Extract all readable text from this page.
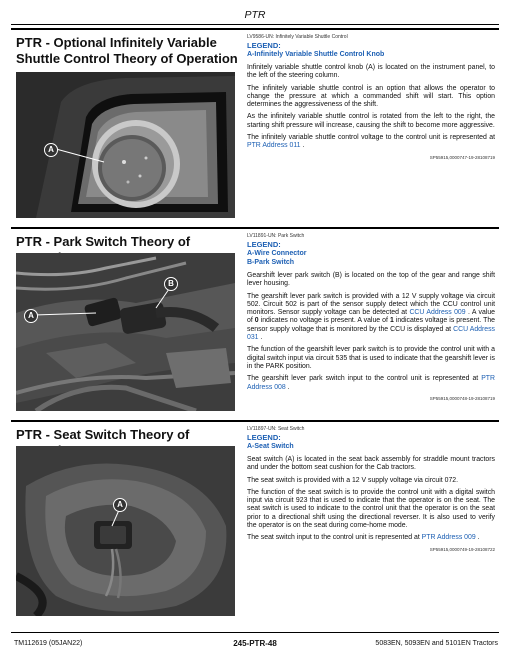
PTR
PTR - Optional Infinitely Variable Shuttle Control Theory of Operation
A
LV9586-UN: Infinitely Variable Shuttle Control
LEGEND:
A-Infinitely Variable Shuttle Control Knob

Infinitely variable shuttle control knob (A) is located on the instrument panel, to the left of the steering column.

The infinitely variable shuttle control is an option that allows the operator to change the pressure at which a commanded shift will start. This option determines the aggressiveness of the shift.

As the infinitely variable shuttle control is rotated from the left to the right, the starting shift pressure will increase, causing the shift to become more aggressive.

The infinitely variable shuttle control voltage to the control unit is represented at PTR Address 011 .

SP55915,0000747-19-28108719
PTR - Park Switch Theory of
A
B
LV11891-UN: Park Switch
LEGEND:
A-Wire Connector
B-Park Switch

Gearshift lever park switch (B) is located on the top of the gear and range shift lever housing.

The gearshift lever park switch is provided with a 12 V supply voltage via circuit 502. Circuit 502 is part of the sensor supply detect which the CCU control unit monitors. Sensor supply voltage can be detected at CCU Address 009 . A value of 0 indicates no voltage is present. A value of 1 indicates voltage is present. The sensor supply voltage that is monitored by the CCU is displayed at CCU Address 031 .

The function of the gearshift lever park switch is to provide the control unit with a digital switch input via circuit 535 that is used to indicate that the gearshift lever is in the PARK position.

The gearshift lever park switch input to the control unit is represented at PTR Address 008 .

SP55915,0000748-19-28108719
PTR - Seat Switch Theory of
A
LV11897-UN: Seat Switch
LEGEND:
A-Seat Switch

Seat switch (A) is located in the seat back assembly for straddle mount tractors and under the bottom seat cushion for the Cab tractors.

The seat switch is provided with a 12 V supply voltage via circuit 072.

The function of the seat switch is to provide the control unit with a digital switch input via circuit 923 that is used to indicate that the operator is on the seat. The seat switch is used to indicate to the control unit that the operator is on the seat prior to a directional shift using the directional reverser. It is also used to verify the operator is on the seat during come-home mode.

The seat switch input to the control unit is represented at PTR Address 009 .

SP55915,0000749-19-28108722
TM112619 (05JAN22)	245-PTR-48	5083EN, 5093EN and 5101EN Tractors
